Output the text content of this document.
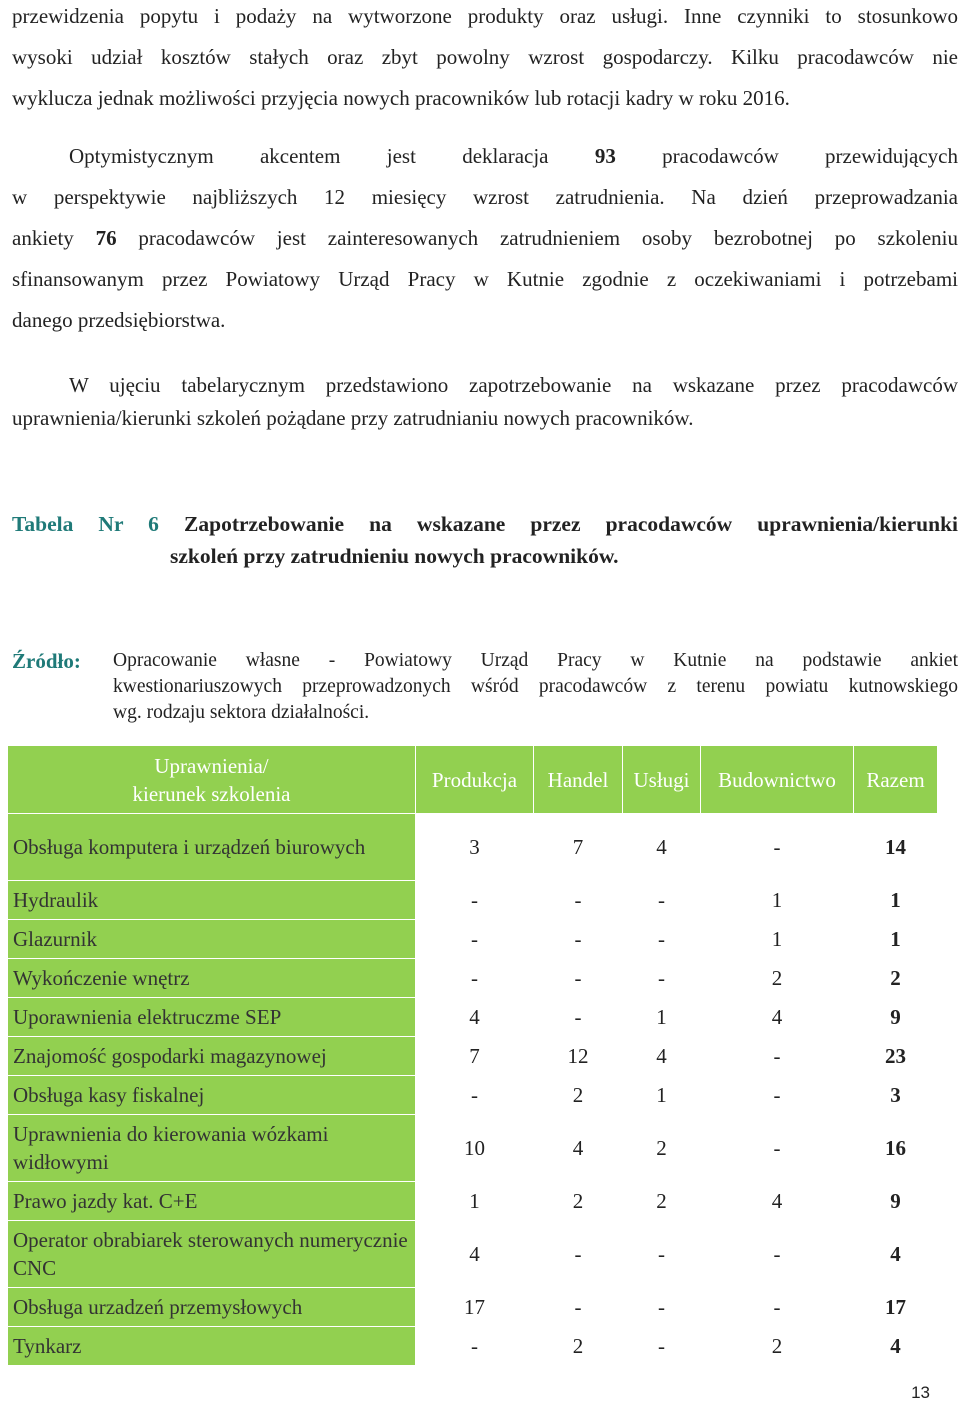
przewidzenia popytu i podaży na wytworzone produkty oraz usługi. Inne czynniki to stosunkowo
wysoki udział kosztów stałych oraz zbyt powolny wzrost gospodarczy. Kilku pracodawców nie
wyklucza jednak możliwości przyjęcia nowych pracowników lub rotacji kadry w roku 2016.
Optymistycznym akcentem jest deklaracja 93 pracodawców przewidujących
w perspektywie najbliższych 12 miesięcy wzrost zatrudnienia. Na dzień przeprowadzania
ankiety 76 pracodawców jest zainteresowanych zatrudnieniem osoby bezrobotnej po szkoleniu
sfinansowanym przez Powiatowy Urząd Pracy w Kutnie zgodnie z oczekiwaniami i potrzebami
danego przedsiębiorstwa.
W ujęciu tabelarycznym przedstawiono zapotrzebowanie na wskazane przez pracodawców
uprawnienia/kierunki szkoleń pożądane przy zatrudnianiu nowych pracowników.
Tabela Nr 6 Zapotrzebowanie na wskazane przez pracodawców uprawnienia/kierunki
szkoleń przy zatrudnieniu nowych pracowników.
Źródło: Opracowanie własne - Powiatowy Urząd Pracy w Kutnie na podstawie ankiet
kwestionariuszowych przeprowadzonych wśród pracodawców z terenu powiatu kutnowskiego
wg. rodzaju sektora działalności.
Uprawnienia/
kierunek szkolenia	Produkcja	Handel	Usługi	Budownictwo	Razem
Obsługa komputera i urządzeń biurowych	3	7	4	-	14
Hydraulik	-	-	-	1	1
Glazurnik	-	-	-	1	1
Wykończenie wnętrz	-	-	-	2	2
Uporawnienia elektruczme SEP	4	-	1	4	9
Znajomość gospodarki magazynowej	7	12	4	-	23
Obsługa kasy fiskalnej	-	2	1	-	3
Uprawnienia do kierowania wózkami widłowymi	10	4	2	-	16
Prawo jazdy kat. C+E	1	2	2	4	9
Operator obrabiarek sterowanych numerycznie CNC	4	-	-	-	4
Obsługa urzadzeń przemysłowych	17	-	-	-	17
Tynkarz	-	2	-	2	4
13
